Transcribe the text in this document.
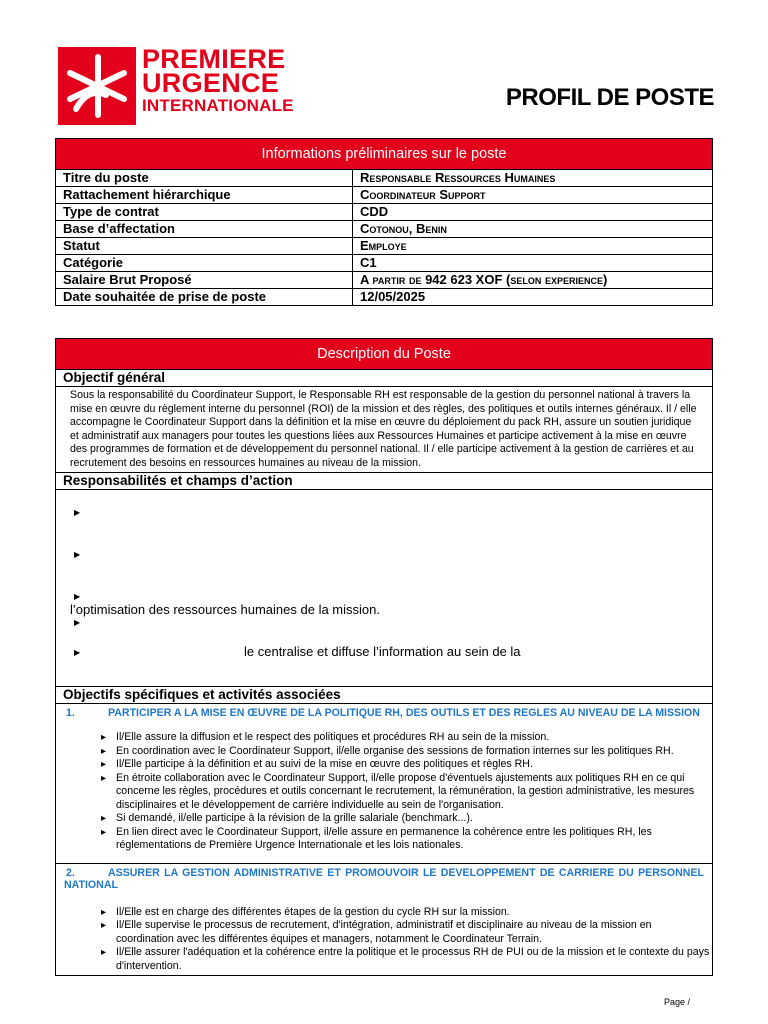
PREMIERE
URGENCE
INTERNATIONALE	PROFIL DE POSTE
Informations préliminaires sur le poste	
Titre du poste	Responsable Ressources Humaines
Rattachement hiérarchique	Coordinateur Support
Type de contrat	CDD
Base d’affectation	Cotonou, Benin
Statut	Employe
Catégorie	C1
Salaire Brut Proposé	A partir de 942 623 XOF (selon experience)
Date souhaitée de prise de poste	12/05/2025
Description du Poste
Objectif général
Sous la responsabilité du Coordinateur Support, le Responsable RH est responsable de la gestion du personnel national à travers la mise en œuvre du règlement interne du personnel (ROI) de la mission et des règles, des politiques et outils internes généraux. Il / elle accompagne le Coordinateur Support dans la définition et la mise en œuvre du déploiement du pack RH, assure un soutien juridique et administratif aux managers pour toutes les questions liées aux Ressources Humaines et participe activement à la mise en œuvre des programmes de formation et de développement du personnel national. Il / elle participe activement à la gestion de carrières et au recrutement des besoins en ressources humaines au niveau de la mission.
Responsabilités et champs d’action

▶
▶
▶
l’optimisation des ressources humaines de la mission.
▶
▶	le centralise et diffuse l’information au sein de la

Objectifs spécifiques et activités associées

1.	PARTICIPER A LA MISE EN ŒUVRE DE LA POLITIQUE RH, DES OUTILS ET DES REGLES AU NIVEAU DE LA MISSION
▸ Il/Elle assure la diffusion et le respect des politiques et procédures RH au sein de la mission.
▸ En coordination avec le Coordinateur Support, il/elle organise des sessions de formation internes sur les politiques RH.
▸ Il/Elle participe à la définition et au suivi de la mise en œuvre des politiques et règles RH.
▸ En étroite collaboration avec le Coordinateur Support, il/elle propose d'éventuels ajustements aux politiques RH en ce qui concerne les règles, procédures et outils concernant le recrutement, la rémunération, la gestion administrative, les mesures disciplinaires et le développement de carrière individuelle au sein de l'organisation.
▸ Si demandé, il/elle participe à la révision de la grille salariale (benchmark...).
▸ En lien direct avec le Coordinateur Support, il/elle assure en permanence la cohérence entre les politiques RH, les réglementations de Première Urgence Internationale et les lois nationales.

2.	ASSURER LA GESTION ADMINISTRATIVE ET PROMOUVOIR LE DEVELOPPEMENT DE CARRIERE DU PERSONNEL NATIONAL
▸ Il/Elle est en charge des différentes étapes de la gestion du cycle RH sur la mission.
▸ Il/Elle supervise le processus de recrutement, d'intégration, administratif et disciplinaire au niveau de la mission en coordination avec les différentes équipes et managers, notamment le Coordinateur Terrain.
▸ Il/Elle assurer l'adéquation et la cohérence entre la politique et le processus RH de PUI ou de la mission et le contexte du pays d'intervention.
Page /
